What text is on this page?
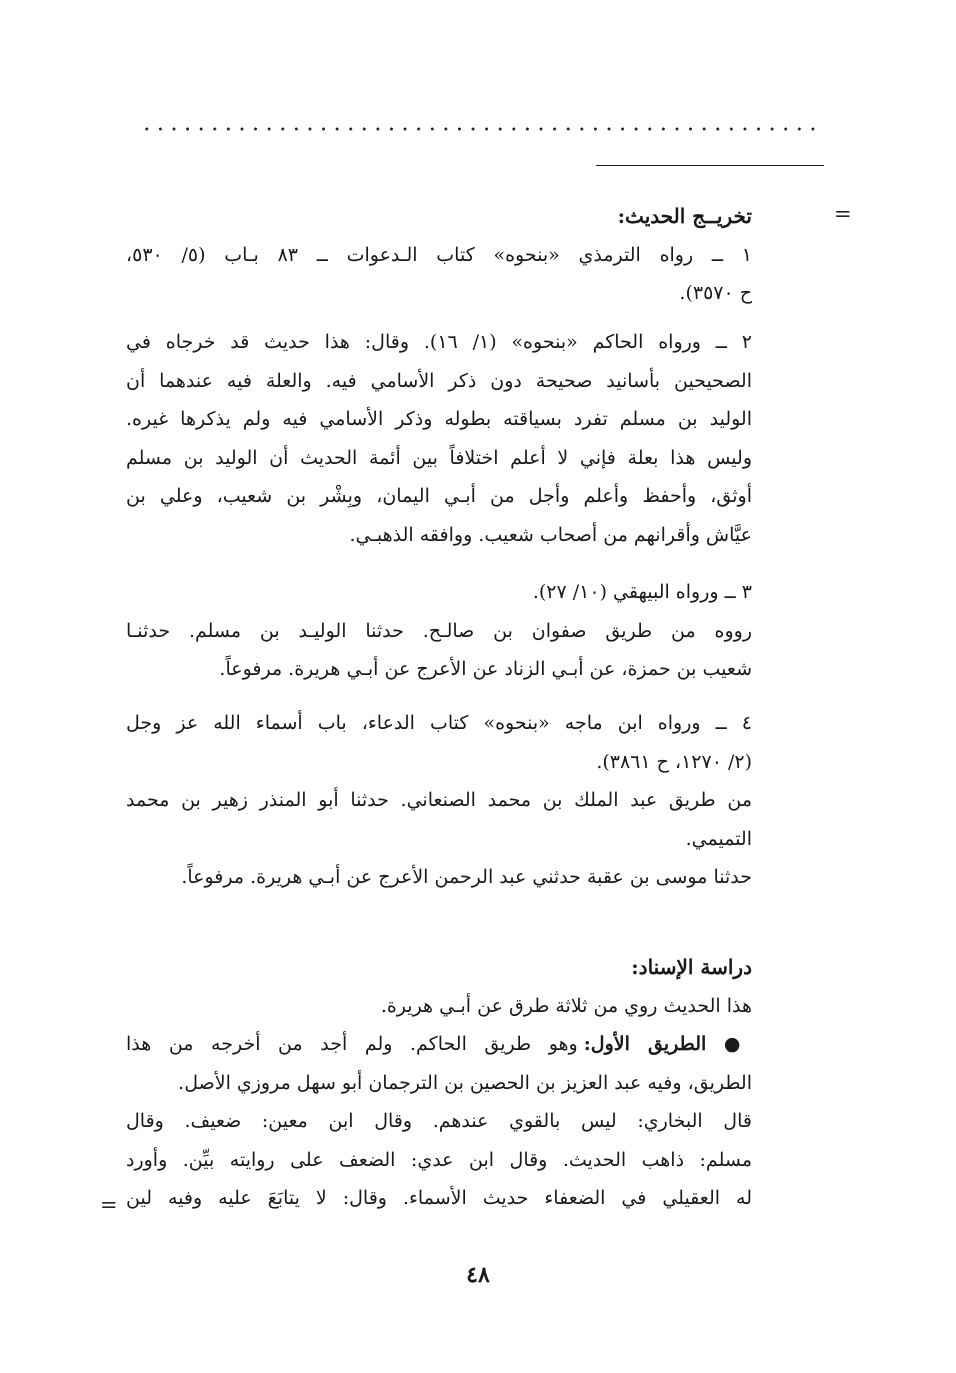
=
تخريــج الحديث:
١ ــ رواه الترمذي «بنحوه» كتاب الـدعوات ــ ٨٣ بـاب (٥/ ٥٣٠،
ح ٣٥٧٠).
٢ ــ ورواه الحاكم «بنحوه» (١/ ١٦). وقال: هذا حديث قد خرجاه في
الصحيحين بأسانيد صحيحة دون ذكر الأسامي فيه. والعلة فيه عندهما أن
الوليد بن مسلم تفرد بسياقته بطوله وذكر الأسامي فيه ولم يذكرها غيره.
وليس هذا بعلة فإني لا أعلم اختلافاً بين أئمة الحديث أن الوليد بن مسلم
أوثق، وأحفظ وأعلم وأجل من أبـي اليمان، وبِشْر بن شعيب، وعلي بن
عيَّاش وأقرانهم من أصحاب شعيب. ووافقه الذهبـي.
٣ ــ ورواه البيهقي (١٠/ ٢٧).
رووه من طريق صفوان بن صالـح. حدثنا الوليـد بن مسلم. حدثنـا
شعيب بن حمزة، عن أبـي الزناد عن الأعرج عن أبـي هريرة. مرفوعاً.
٤ ــ ورواه ابن ماجه «بنحوه» كتاب الدعاء، باب أسماء الله عز وجل
(٢/ ١٢٧٠، ح ٣٨٦١).
من طريق عبد الملك بن محمد الصنعاني. حدثنا أبو المنذر زهير بن محمد
التميمي.
حدثنا موسى بن عقبة حدثني عبد الرحمن الأعرج عن أبـي هريرة. مرفوعاً.
دراسة الإسناد:
هذا الحديث روي من ثلاثة طرق عن أبـي هريرة.
● الطريق الأول: وهو طريق الحاكم. ولم أجد من أخرجه من هذا
الطريق، وفيه عبد العزيز بن الحصين بن الترجمان أبو سهل مروزي الأصل.
قال البخاري: ليس بالقوي عندهم. وقال ابن معين: ضعيف. وقال
مسلم: ذاهب الحديث. وقال ابن عدي: الضعف على روايته بيِّن. وأورد
له العقيلي في الضعفاء حديث الأسماء. وقال: لا يتابَعَ عليه وفيه لين
=
٤٨
